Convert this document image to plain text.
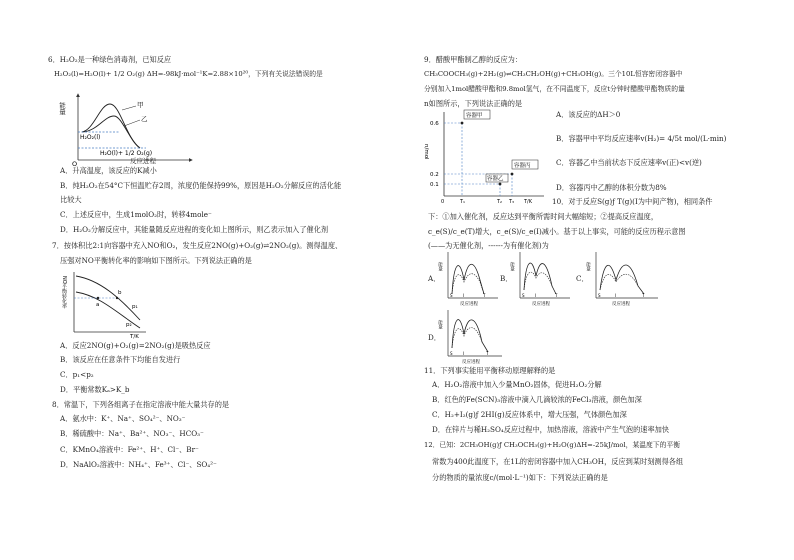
6．H₂O₂是一种绿色消毒剂，已知反应
H₂O₂(l)=H₂O(l)+ 1/2 O₂(g) ΔH=-98kJ·mol⁻¹K=2.88×10²⁰，下列有关说法错误的是
能量
O
甲
乙
H₂O₂(l)
H₂O(l)+ 1/2 O₂(g)
反应进程
A．升高温度，该反应的K减小
B．纯H₂O₂在54°C下恒温贮存2周，浓度仍能保持99%，原因是H₂O₂分解反应的活化能
比较大
C．上述反应中，生成1molO₂时，转移4mole⁻
D．H₂O₂分解反应中，其能量随反应进程的变化如上图所示，则乙表示加入了催化剂
7．按体积比2:1向容器中充入NO和O₂，发生反应2NO(g)+O₂(g)⇌2NO₂(g)。测得温度、
压强对NO平衡转化率的影响如下图所示。下列说法正确的是
NO平衡转化率	a
b
p₁
p₂
T/K
A．反应2NO(g)+O₂(g)=2NO₂(g)是吸热反应
B．该反应在任意条件下均能自发进行
C．p₁<p₂
D．平衡常数Kₐ>K_b
8．常温下，下列各组离子在指定溶液中能大量共存的是
A．氨水中：K⁺、Na⁺、SO₄²⁻、NO₃⁻
B．稀硫酸中：Na⁺、Ba²⁺、NO₃⁻、HCO₃⁻
C．KMnO₄溶液中：Fe²⁺、H⁺、Cl⁻、Br⁻
D．NaAlO₂溶液中：NH₄⁺、Fe³⁺、Cl⁻、SO₄²⁻
9．醋酸甲酯制乙醇的反应为：
CH₃COOCH₃(g)+2H₂(g)⇌CH₃CH₂OH(g)+CH₃OH(g)。三个10L恒容密闭容器中
分别加入1mol醋酸甲酯和9.8mol氢气，在不同温度下，反应t分钟时醋酸甲酯物质的量
n如图所示，下列说法正确的是
n/mol
0.6
0.2
0.1
容器甲
容器乙
容器丙
0	T₁	T₂ T₃ T/K
A．该反应的ΔH＞0
B．容器甲中平均反应速率v(H₂)= 4/5t mol/(L·min)
C．容器乙中当前状态下反应速率v(正)<v(逆)
D．容器丙中乙醇的体积分数为8%
10．对于反应S(g)ƒ T(g)(I为中间产物)，相同条件
下：①加入催化剂，反应达到平衡所需时间大幅缩短；②提高反应温度，
c_e(S)/c_e(T)增大，c_e(S)/c_e(I)减小。基于以上事实，可能的反应历程示意图
(——为无催化剂，------为有催化剂)为
A．
能量
S	I	T
反应进程
B．
能量
S	I	T
反应进程
C．
能量
S	I	T
反应进程
D．
能量
S	I	T
反应进程
11．下列事实能用平衡移动原理解释的是
A．H₂O₂溶液中加入少量MnO₂固体，促进H₂O₂分解
B．红色的Fe(SCN)₃溶液中滴入几滴较浓的FeCl₃溶液，颜色加深
C．H₂+I₂(g)ƒ 2HI(g)反应体系中，增大压强，气体颜色加深
D．在锌片与稀H₂SO₄反应过程中，加热溶液，溶液中产生气泡的速率加快
12．已知：2CH₃OH(g)ƒ CH₃OCH₃(g)+H₂O(g)ΔH=-25kJ/mol，某温度下的平衡
常数为400此温度下，在1L的密闭容器中加入CH₃OH，反应到某时刻测得各组
分的物质的量浓度c/(mol·L⁻¹)如下：下列说法正确的是
